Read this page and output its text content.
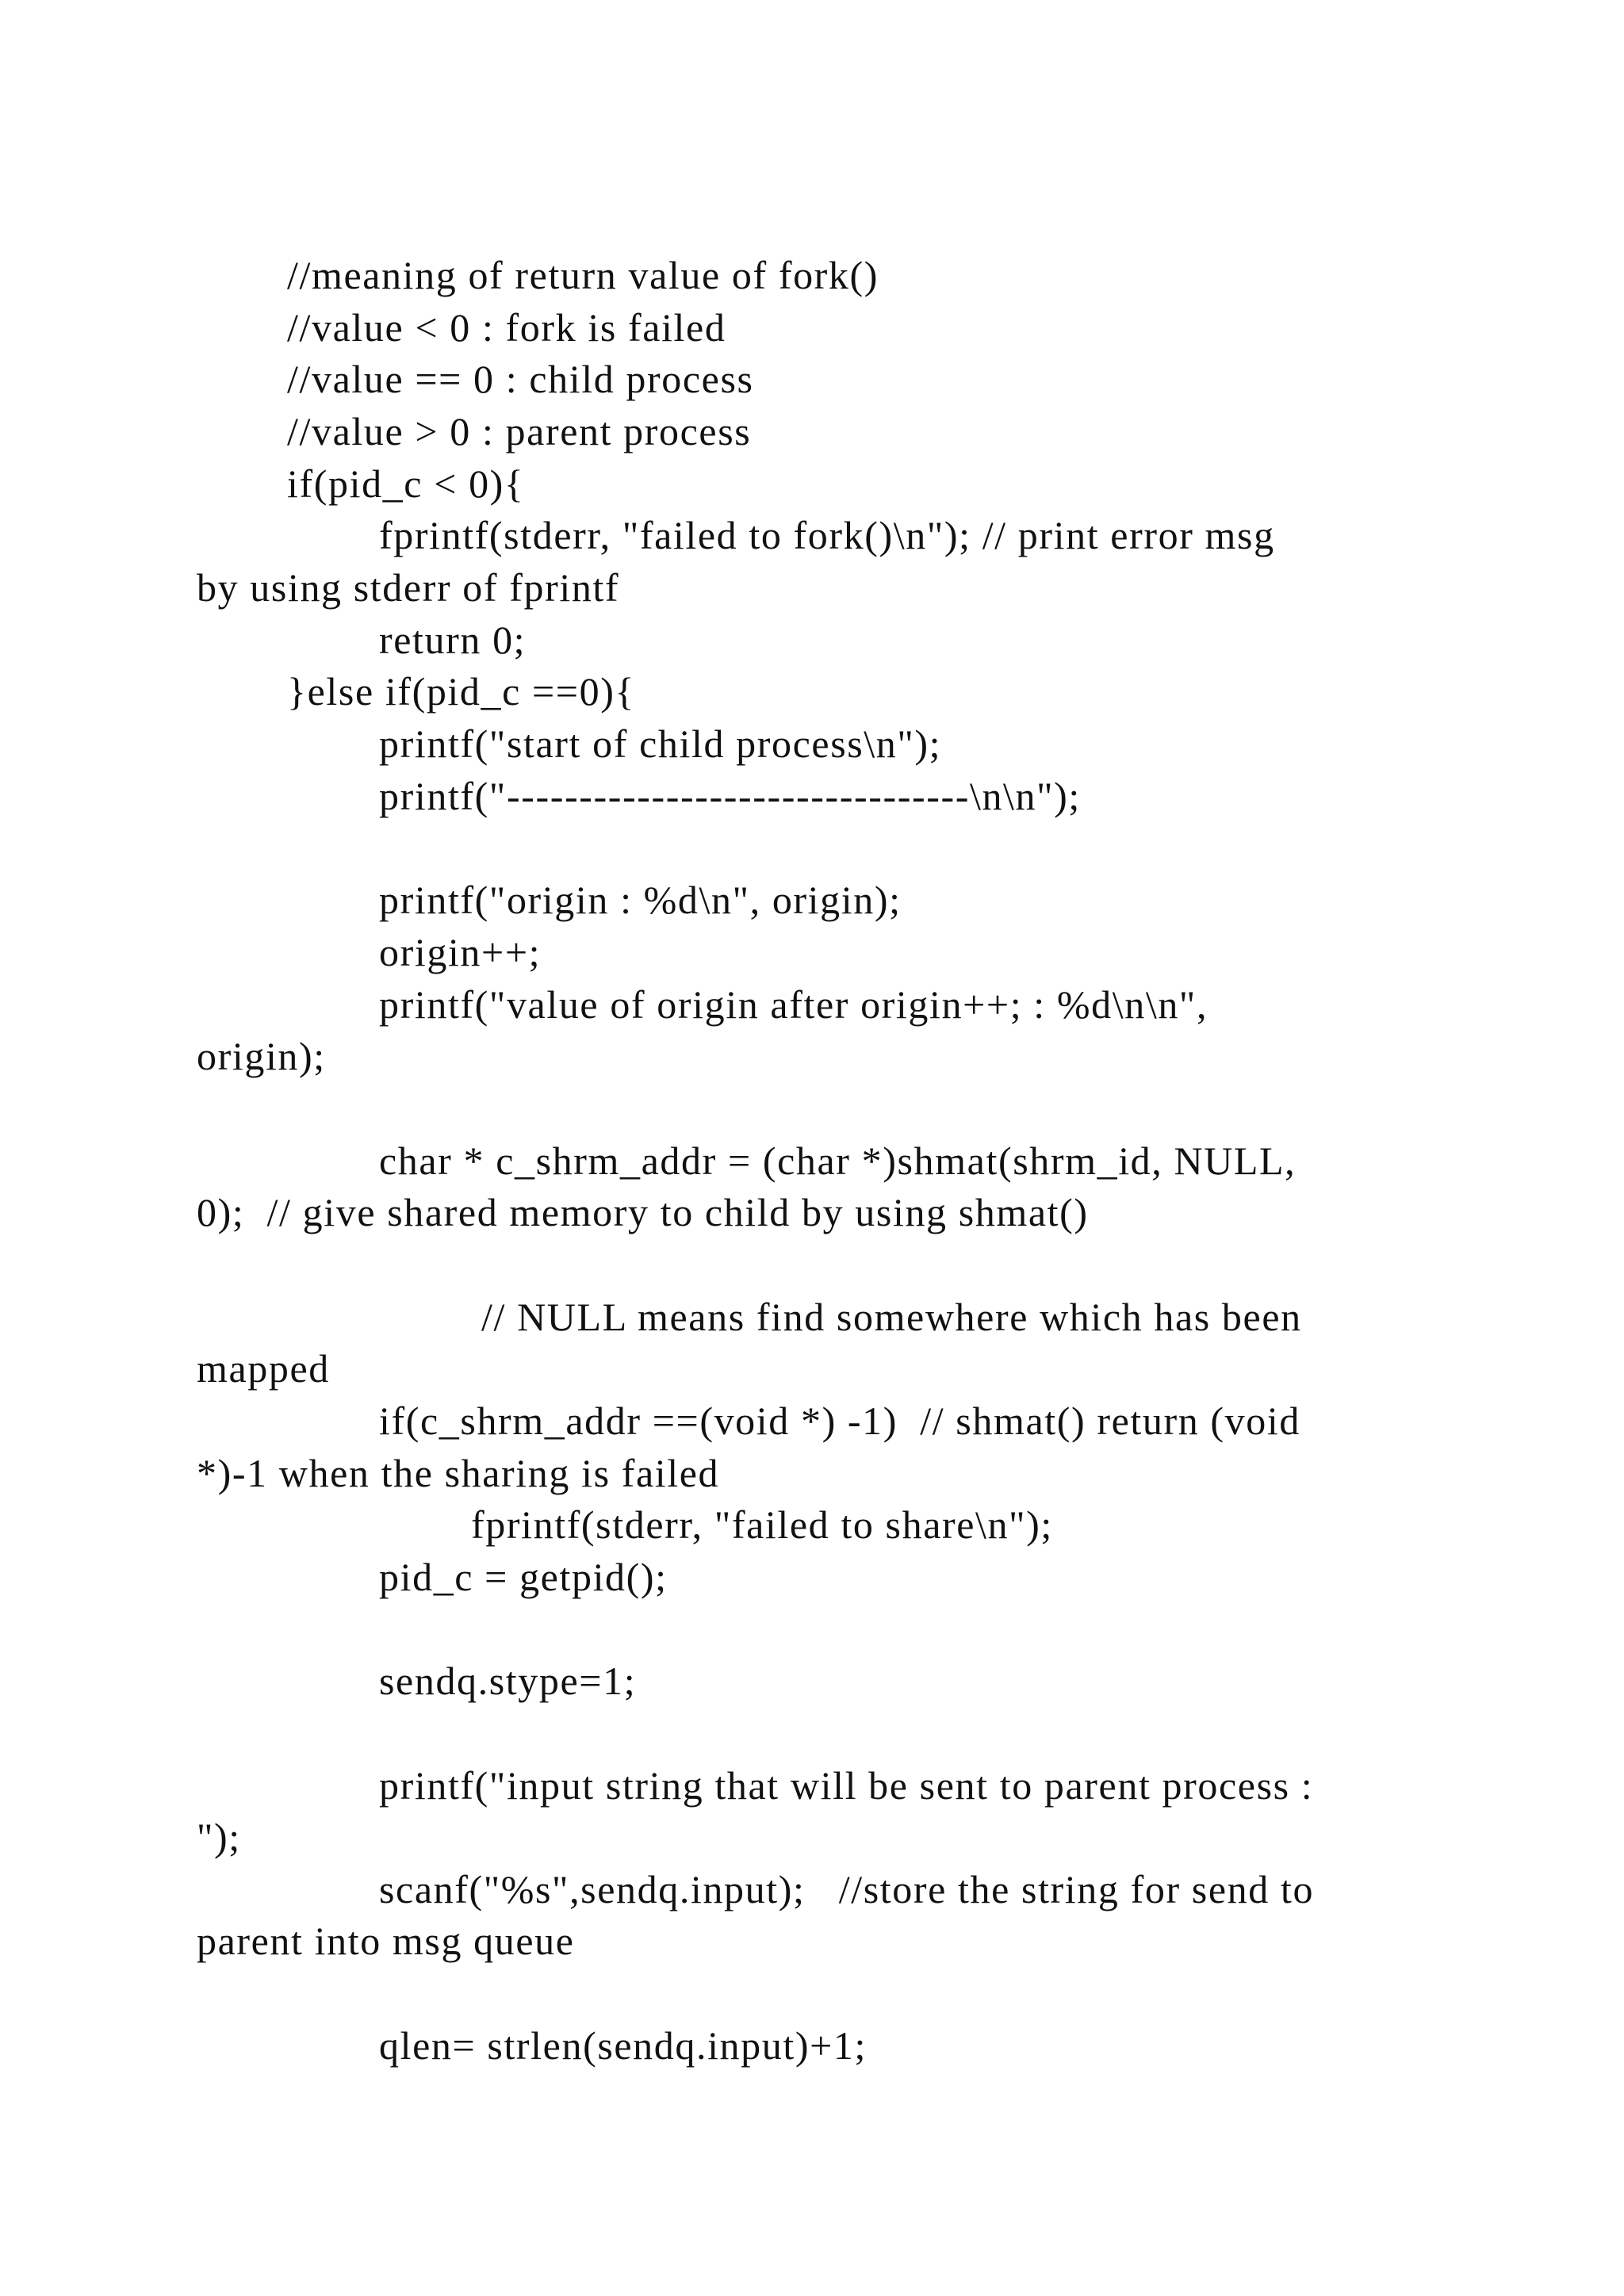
//meaning of return value of fork()

//value < 0 : fork is failed

//value == 0 : child process

//value > 0 : parent process

if(pid_c < 0){

fprintf(stderr, "failed to fork()\n"); // print error msg

by using stderr of fprintf

return 0;

}else if(pid_c ==0){

printf("start of child process\n");

printf("--------------------------------\n\n");

printf("origin : %d\n", origin);

origin++;

printf("value of origin after origin++; : %d\n\n",

origin);

char * c_shrm_addr = (char *)shmat(shrm_id, NULL,

0);  // give shared memory to child by using shmat()

// NULL means find somewhere which has been

mapped

if(c_shrm_addr ==(void *) -1)  // shmat() return (void

*)-1 when the sharing is failed

fprintf(stderr, "failed to share\n");

pid_c = getpid();

sendq.stype=1;

printf("input string that will be sent to parent process :

");

scanf("%s",sendq.input);   //store the string for send to

parent into msg queue

qlen= strlen(sendq.input)+1;
